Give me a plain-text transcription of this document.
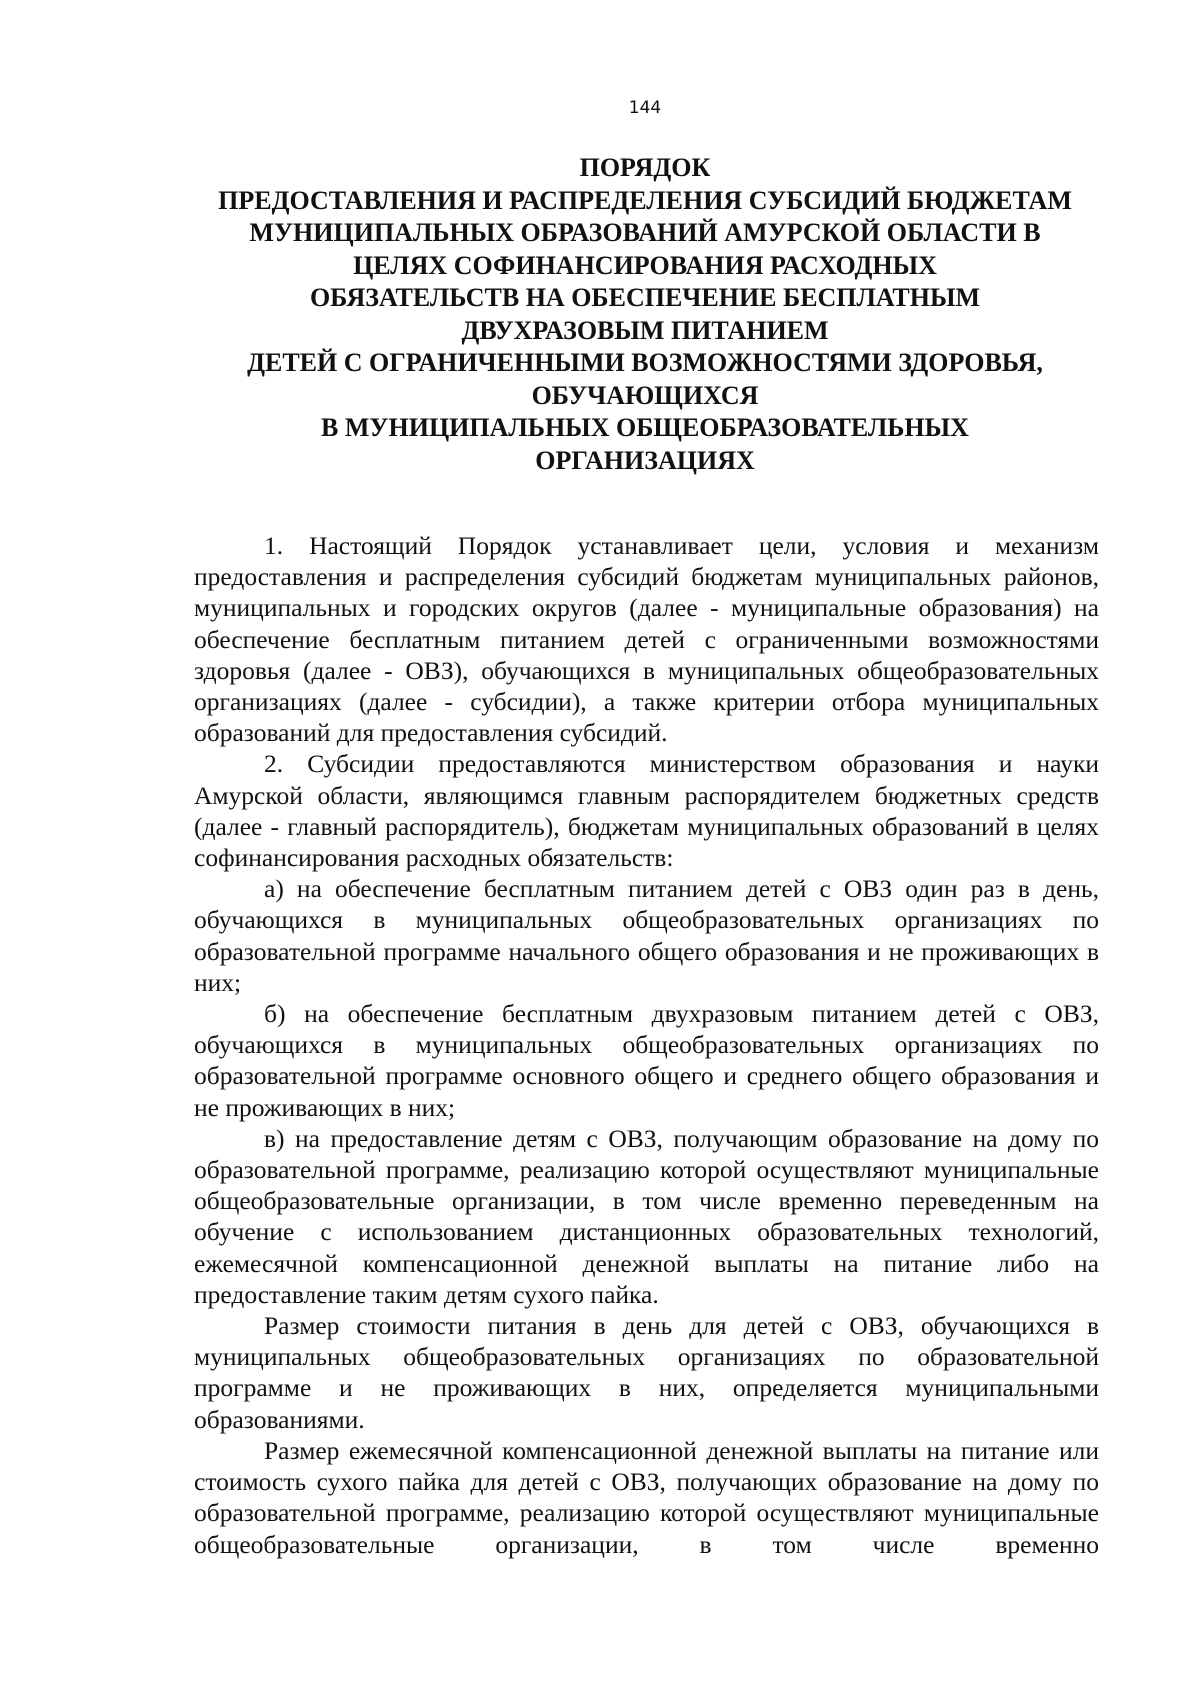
144
ПОРЯДОК
ПРЕДОСТАВЛЕНИЯ И РАСПРЕДЕЛЕНИЯ СУБСИДИЙ БЮДЖЕТАМ
МУНИЦИПАЛЬНЫХ ОБРАЗОВАНИЙ АМУРСКОЙ ОБЛАСТИ В
ЦЕЛЯХ СОФИНАНСИРОВАНИЯ РАСХОДНЫХ
ОБЯЗАТЕЛЬСТВ НА ОБЕСПЕЧЕНИЕ БЕСПЛАТНЫМ
ДВУХРАЗОВЫМ ПИТАНИЕМ
ДЕТЕЙ С ОГРАНИЧЕННЫМИ ВОЗМОЖНОСТЯМИ ЗДОРОВЬЯ,
ОБУЧАЮЩИХСЯ
В МУНИЦИПАЛЬНЫХ ОБЩЕОБРАЗОВАТЕЛЬНЫХ
ОРГАНИЗАЦИЯХ

1. Настоящий Порядок устанавливает цели, условия и механизм предоставления и распределения субсидий бюджетам муниципальных районов, муниципальных и городских округов (далее - муниципальные образования) на обеспечение бесплатным питанием детей с ограниченными возможностями здоровья (далее - ОВЗ), обучающихся в муниципальных общеобразовательных организациях (далее - субсидии), а также критерии отбора муниципальных образований для предоставления субсидий.

2. Субсидии предоставляются министерством образования и науки Амурской области, являющимся главным распорядителем бюджетных средств (далее - главный распорядитель), бюджетам муниципальных образований в целях софинансирования расходных обязательств:

а) на обеспечение бесплатным питанием детей с ОВЗ один раз в день, обучающихся в муниципальных общеобразовательных организациях по образовательной программе начального общего образования и не проживающих в них;

б) на обеспечение бесплатным двухразовым питанием детей с ОВЗ, обучающихся в муниципальных общеобразовательных организациях по образовательной программе основного общего и среднего общего образования и не проживающих в них;

в) на предоставление детям с ОВЗ, получающим образование на дому по образовательной программе, реализацию которой осуществляют муниципальные общеобразовательные организации, в том числе временно переведенным на обучение с использованием дистанционных образовательных технологий, ежемесячной компенсационной денежной выплаты на питание либо на предоставление таким детям сухого пайка.

Размер стоимости питания в день для детей с ОВЗ, обучающихся в муниципальных общеобразовательных организациях по образовательной программе и не проживающих в них, определяется муниципальными образованиями.

Размер ежемесячной компенсационной денежной выплаты на питание или стоимость сухого пайка для детей с ОВЗ, получающих образование на дому по образовательной программе, реализацию которой осуществляют муниципальные общеобразовательные организации, в том числе временно
